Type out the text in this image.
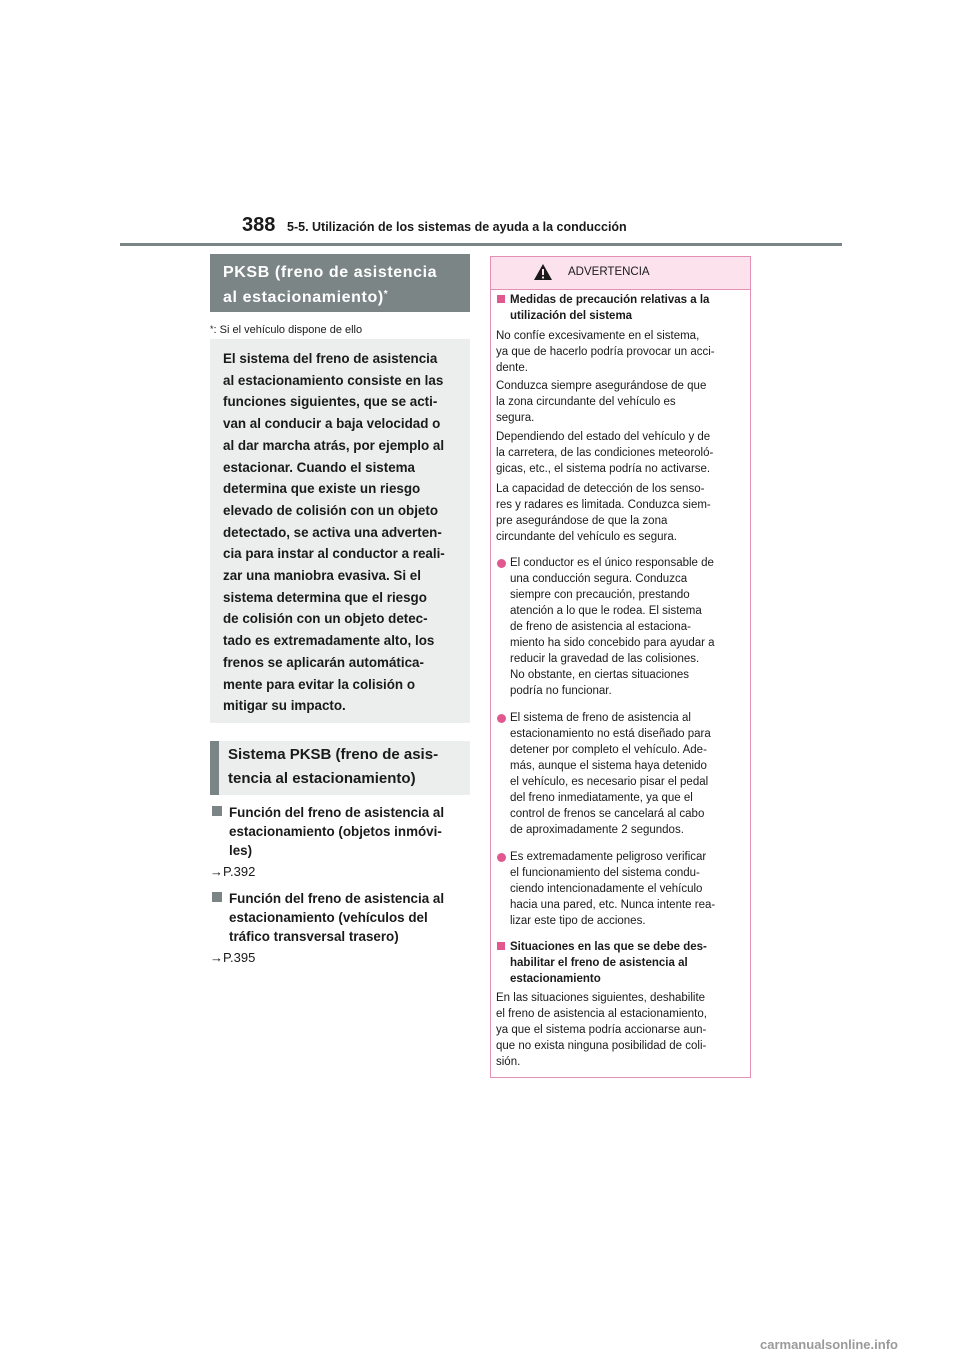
388 5-5. Utilización de los sistemas de ayuda a la conducción
PKSB (freno de asistencia
al estacionamiento)*
*: Si el vehículo dispone de ello
El sistema del freno de asistencia
al estacionamiento consiste en las
funciones siguientes, que se acti-
van al conducir a baja velocidad o
al dar marcha atrás, por ejemplo al
estacionar. Cuando el sistema
determina que existe un riesgo
elevado de colisión con un objeto
detectado, se activa una adverten-
cia para instar al conductor a reali-
zar una maniobra evasiva. Si el
sistema determina que el riesgo
de colisión con un objeto detec-
tado es extremadamente alto, los
frenos se aplicarán automática-
mente para evitar la colisión o
mitigar su impacto.
Sistema PKSB (freno de asis-
tencia al estacionamiento)
Función del freno de asistencia al
estacionamiento (objetos inmóvi-
les)
→P.392
Función del freno de asistencia al
estacionamiento (vehículos del
tráfico transversal trasero)
→P.395
ADVERTENCIA
Medidas de precaución relativas a la
utilización del sistema
No confíe excesivamente en el sistema,
ya que de hacerlo podría provocar un acci-
dente.
Conduzca siempre asegurándose de que
la zona circundante del vehículo es
segura.
Dependiendo del estado del vehículo y de
la carretera, de las condiciones meteoroló-
gicas, etc., el sistema podría no activarse.
La capacidad de detección de los senso-
res y radares es limitada. Conduzca siem-
pre asegurándose de que la zona
circundante del vehículo es segura.
El conductor es el único responsable de
una conducción segura. Conduzca
siempre con precaución, prestando
atención a lo que le rodea. El sistema
de freno de asistencia al estaciona-
miento ha sido concebido para ayudar a
reducir la gravedad de las colisiones.
No obstante, en ciertas situaciones
podría no funcionar.
El sistema de freno de asistencia al
estacionamiento no está diseñado para
detener por completo el vehículo. Ade-
más, aunque el sistema haya detenido
el vehículo, es necesario pisar el pedal
del freno inmediatamente, ya que el
control de frenos se cancelará al cabo
de aproximadamente 2 segundos.
Es extremadamente peligroso verificar
el funcionamiento del sistema condu-
ciendo intencionadamente el vehículo
hacia una pared, etc. Nunca intente rea-
lizar este tipo de acciones.
Situaciones en las que se debe des-
habilitar el freno de asistencia al
estacionamiento
En las situaciones siguientes, deshabilite
el freno de asistencia al estacionamiento,
ya que el sistema podría accionarse aun-
que no exista ninguna posibilidad de coli-
sión.
carmanualsonline.info
